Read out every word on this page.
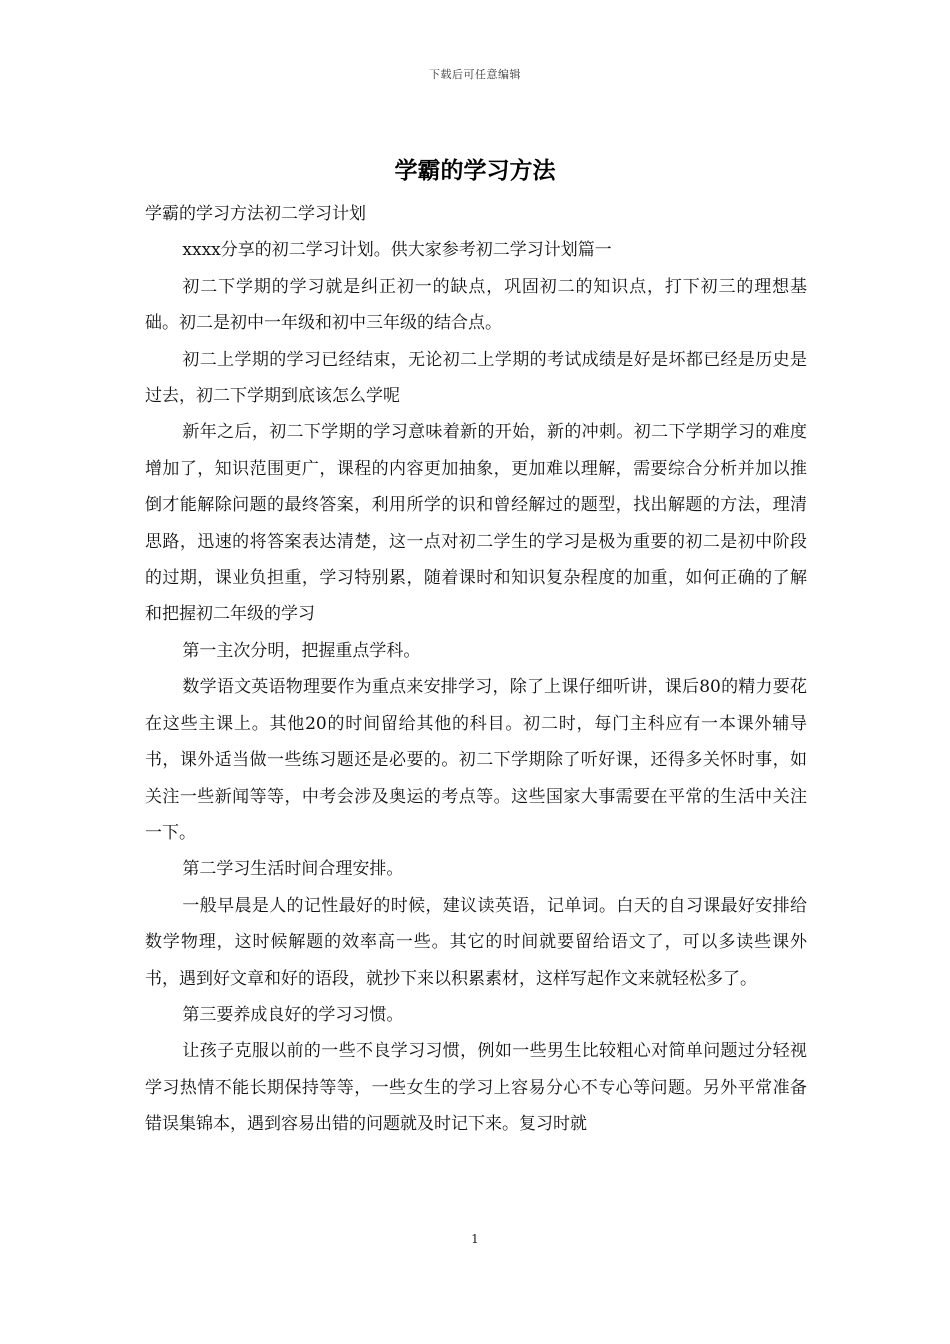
下载后可任意编辑
学霸的学习方法

学霸的学习方法初二学习计划

xxxx分享的初二学习计划。供大家参考初二学习计划篇一

初二下学期的学习就是纠正初一的缺点，巩固初二的知识点，打下初三的理想基础。初二是初中一年级和初中三年级的结合点。

初二上学期的学习已经结束，无论初二上学期的考试成绩是好是坏都已经是历史是过去，初二下学期到底该怎么学呢

新年之后，初二下学期的学习意味着新的开始，新的冲刺。初二下学期学习的难度增加了，知识范围更广，课程的内容更加抽象，更加难以理解，需要综合分析并加以推倒才能解除问题的最终答案，利用所学的识和曾经解过的题型，找出解题的方法，理清思路，迅速的将答案表达清楚，这一点对初二学生的学习是极为重要的初二是初中阶段的过期，课业负担重，学习特别累，随着课时和知识复杂程度的加重，如何正确的了解和把握初二年级的学习

第一主次分明，把握重点学科。

数学语文英语物理要作为重点来安排学习，除了上课仔细听讲，课后80的精力要花在这些主课上。其他20的时间留给其他的科目。初二时，每门主科应有一本课外辅导书，课外适当做一些练习题还是必要的。初二下学期除了听好课，还得多关怀时事，如关注一些新闻等等，中考会涉及奥运的考点等。这些国家大事需要在平常的生活中关注一下。

第二学习生活时间合理安排。

一般早晨是人的记性最好的时候，建议读英语，记单词。白天的自习课最好安排给数学物理，这时候解题的效率高一些。其它的时间就要留给语文了，可以多读些课外书，遇到好文章和好的语段，就抄下来以积累素材，这样写起作文来就轻松多了。

第三要养成良好的学习习惯。

让孩子克服以前的一些不良学习习惯，例如一些男生比较粗心对简单问题过分轻视学习热情不能长期保持等等，一些女生的学习上容易分心不专心等问题。另外平常准备错误集锦本，遇到容易出错的问题就及时记下来。复习时就

1
